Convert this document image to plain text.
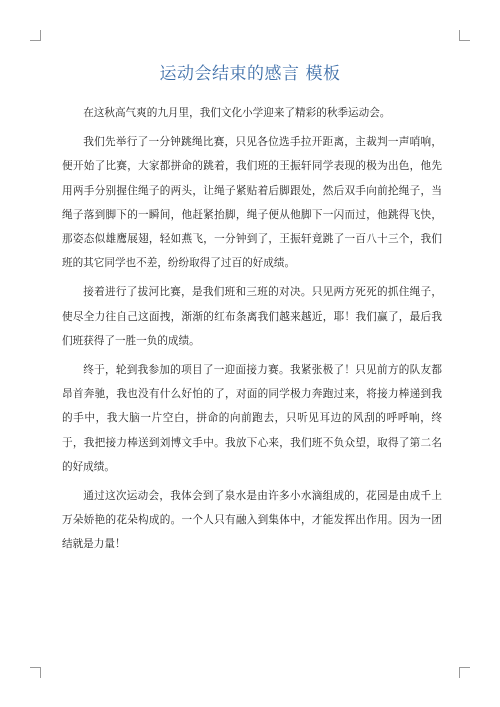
运动会结束的感言 模板

在这秋高气爽的九月里，我们文化小学迎来了精彩的秋季运动会。

我们先举行了一分钟跳绳比赛，只见各位选手拉开距离，主裁判一声哨响，便开始了比赛，大家都拼命的跳着，我们班的王振轩同学表现的极为出色，他先用两手分别握住绳子的两头，让绳子紧贴着后脚跟处，然后双手向前抡绳子，当绳子落到脚下的一瞬间，他赶紧抬脚，绳子便从他脚下一闪而过，他跳得飞快，那姿态似雄鹰展翅，轻如燕飞，一分钟到了，王振轩竟跳了一百八十三个，我们班的其它同学也不差，纷纷取得了过百的好成绩。

接着进行了拔河比赛，是我们班和三班的对决。只见两方死死的抓住绳子，使尽全力往自己这面拽，渐渐的红布条离我们越来越近，耶！我们赢了，最后我们班获得了一胜一负的成绩。

终于，轮到我参加的项目了一迎面接力赛。我紧张极了！只见前方的队友都昂首奔驰，我也没有什么好怕的了，对面的同学极力奔跑过来，将接力棒递到我的手中，我大脑一片空白，拼命的向前跑去，只听见耳边的风刮的呼呼响，终于，我把接力棒送到刘博文手中。我放下心来，我们班不负众望，取得了第二名的好成绩。

通过这次运动会，我体会到了泉水是由许多小水滴组成的，花园是由成千上万朵娇艳的花朵构成的。一个人只有融入到集体中，才能发挥出作用。因为一团结就是力量！
